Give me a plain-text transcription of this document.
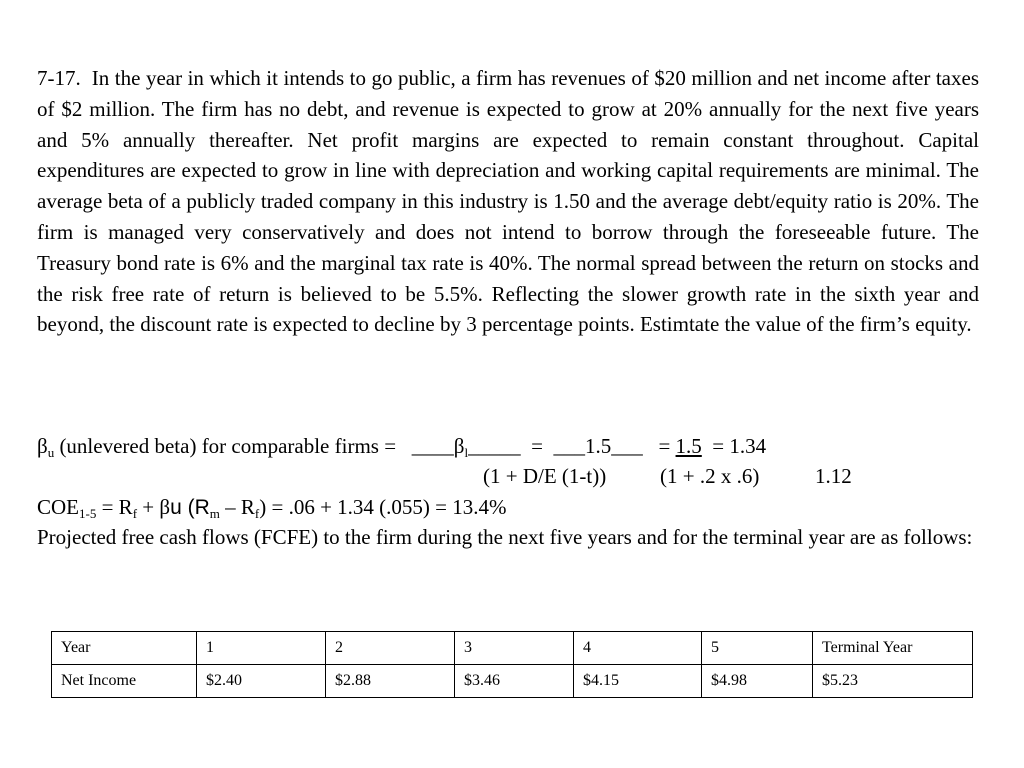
7-17. In the year in which it intends to go public, a firm has revenues of $20 million and net income after taxes of $2 million. The firm has no debt, and revenue is expected to grow at 20% annually for the next five years and 5% annually thereafter. Net profit margins are expected to remain constant throughout. Capital expenditures are expected to grow in line with depreciation and working capital requirements are minimal. The average beta of a publicly traded company in this industry is 1.50 and the average debt/equity ratio is 20%. The firm is managed very conservatively and does not intend to borrow through the foreseeable future. The Treasury bond rate is 6% and the marginal tax rate is 40%. The normal spread between the return on stocks and the risk free rate of return is believed to be 5.5%. Reflecting the slower growth rate in the sixth year and beyond, the discount rate is expected to decline by 3 percentage points. Estimtate the value of the firm’s equity.

$\beta_u$ (unlevered beta) for comparable firms =   $\_\_\_\_\beta_l\_\_\_\_\_$  =  ___1.5___   = 1.5  = 1.34
(1 + D/E (1-t))	(1 + .2 x .6)	1.12
$COE_{1-5} = R_f + \beta u$ $(R_m - R_f) = .06 + 1.34$ (.055) = 13.4%

Projected free cash flows (FCFE) to the firm during the next five years and for the terminal year are as follows:

Year	1	2	3	4	5	Terminal Year
Net Income	$2.40	$2.88	$3.46	$4.15	$4.98	$5.23
